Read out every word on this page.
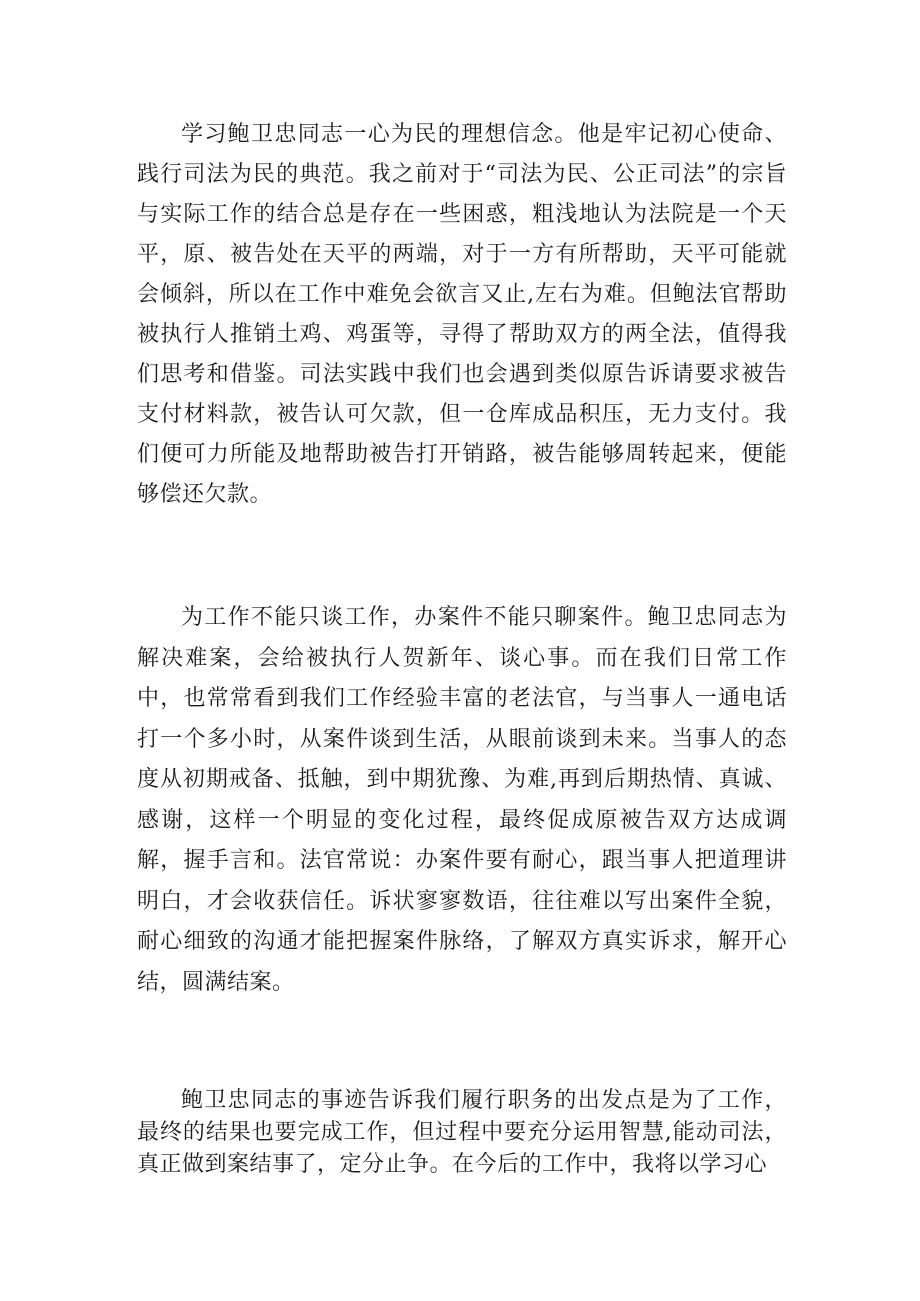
学习鲍卫忠同志一心为民的理想信念。他是牢记初心使命、践行司法为民的典范。我之前对于“司法为民、公正司法”的宗旨与实际工作的结合总是存在一些困惑，粗浅地认为法院是一个天平，原、被告处在天平的两端，对于一方有所帮助，天平可能就会倾斜，所以在工作中难免会欲言又止,左右为难。但鲍法官帮助被执行人推销土鸡、鸡蛋等，寻得了帮助双方的两全法，值得我们思考和借鉴。司法实践中我们也会遇到类似原告诉请要求被告支付材料款，被告认可欠款，但一仓库成品积压，无力支付。我们便可力所能及地帮助被告打开销路，被告能够周转起来，便能够偿还欠款。

为工作不能只谈工作，办案件不能只聊案件。鲍卫忠同志为解决难案，会给被执行人贺新年、谈心事。而在我们日常工作中，也常常看到我们工作经验丰富的老法官，与当事人一通电话打一个多小时，从案件谈到生活，从眼前谈到未来。当事人的态度从初期戒备、抵触，到中期犹豫、为难,再到后期热情、真诚、感谢，这样一个明显的变化过程，最终促成原被告双方达成调解，握手言和。法官常说：办案件要有耐心，跟当事人把道理讲明白，才会收获信任。诉状寥寥数语，往往难以写出案件全貌，耐心细致的沟通才能把握案件脉络，了解双方真实诉求，解开心结，圆满结案。

鲍卫忠同志的事迹告诉我们履行职务的出发点是为了工作，最终的结果也要完成工作，但过程中要充分运用智慧,能动司法，真正做到案结事了，定分止争。在今后的工作中，我将以学习心
